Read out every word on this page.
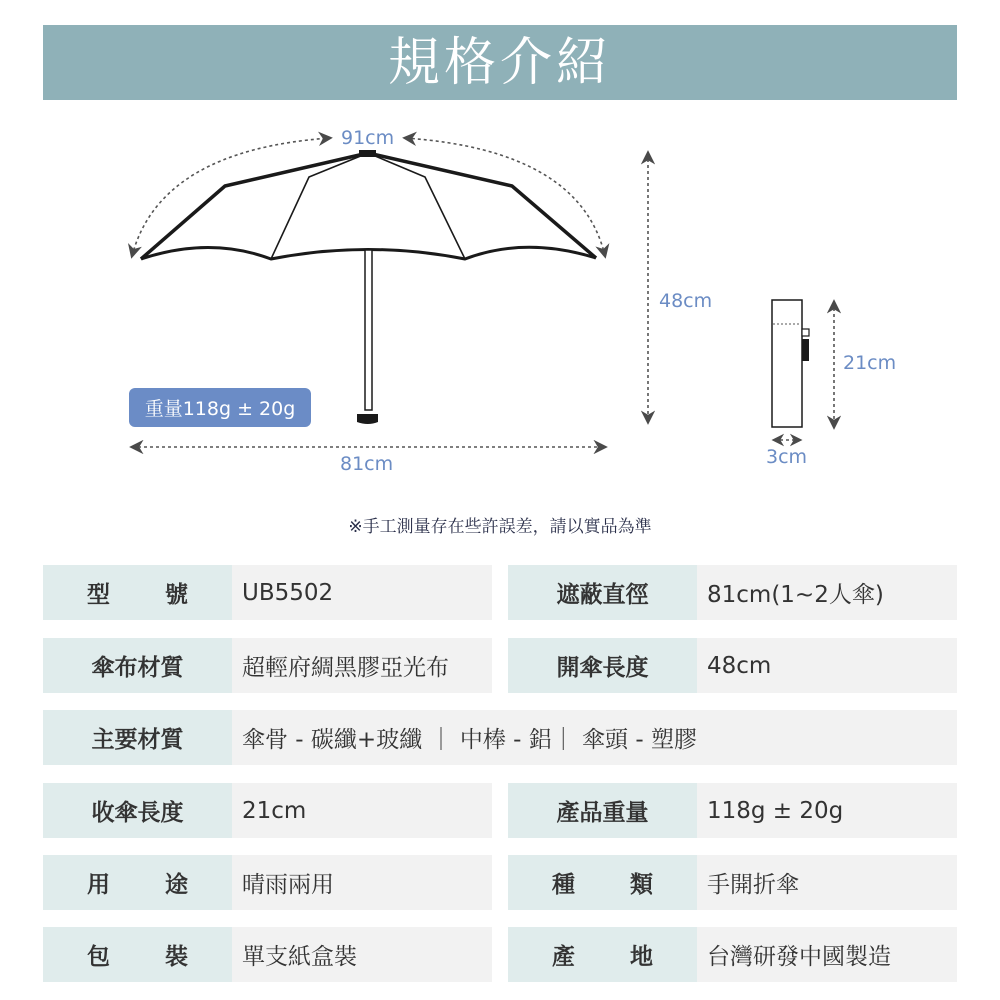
規格介紹
91cm
81cm
48cm
21cm
3cm
重量118g ± 20g
※手工測量存在些許誤差，請以實品為準
型 號	UB5502	遮蔽直徑	81cm(1~2人傘)
傘布材質	超輕府綢黑膠亞光布	開傘長度	48cm
主要材質	傘骨 - 碳纖+玻纖 ｜ 中棒 - 鋁｜ 傘頭 - 塑膠
收傘長度	21cm	產品重量	118g ± 20g
用 途	晴雨兩用	種 類	手開折傘
包 裝	單支紙盒裝	產 地	台灣研發中國製造
